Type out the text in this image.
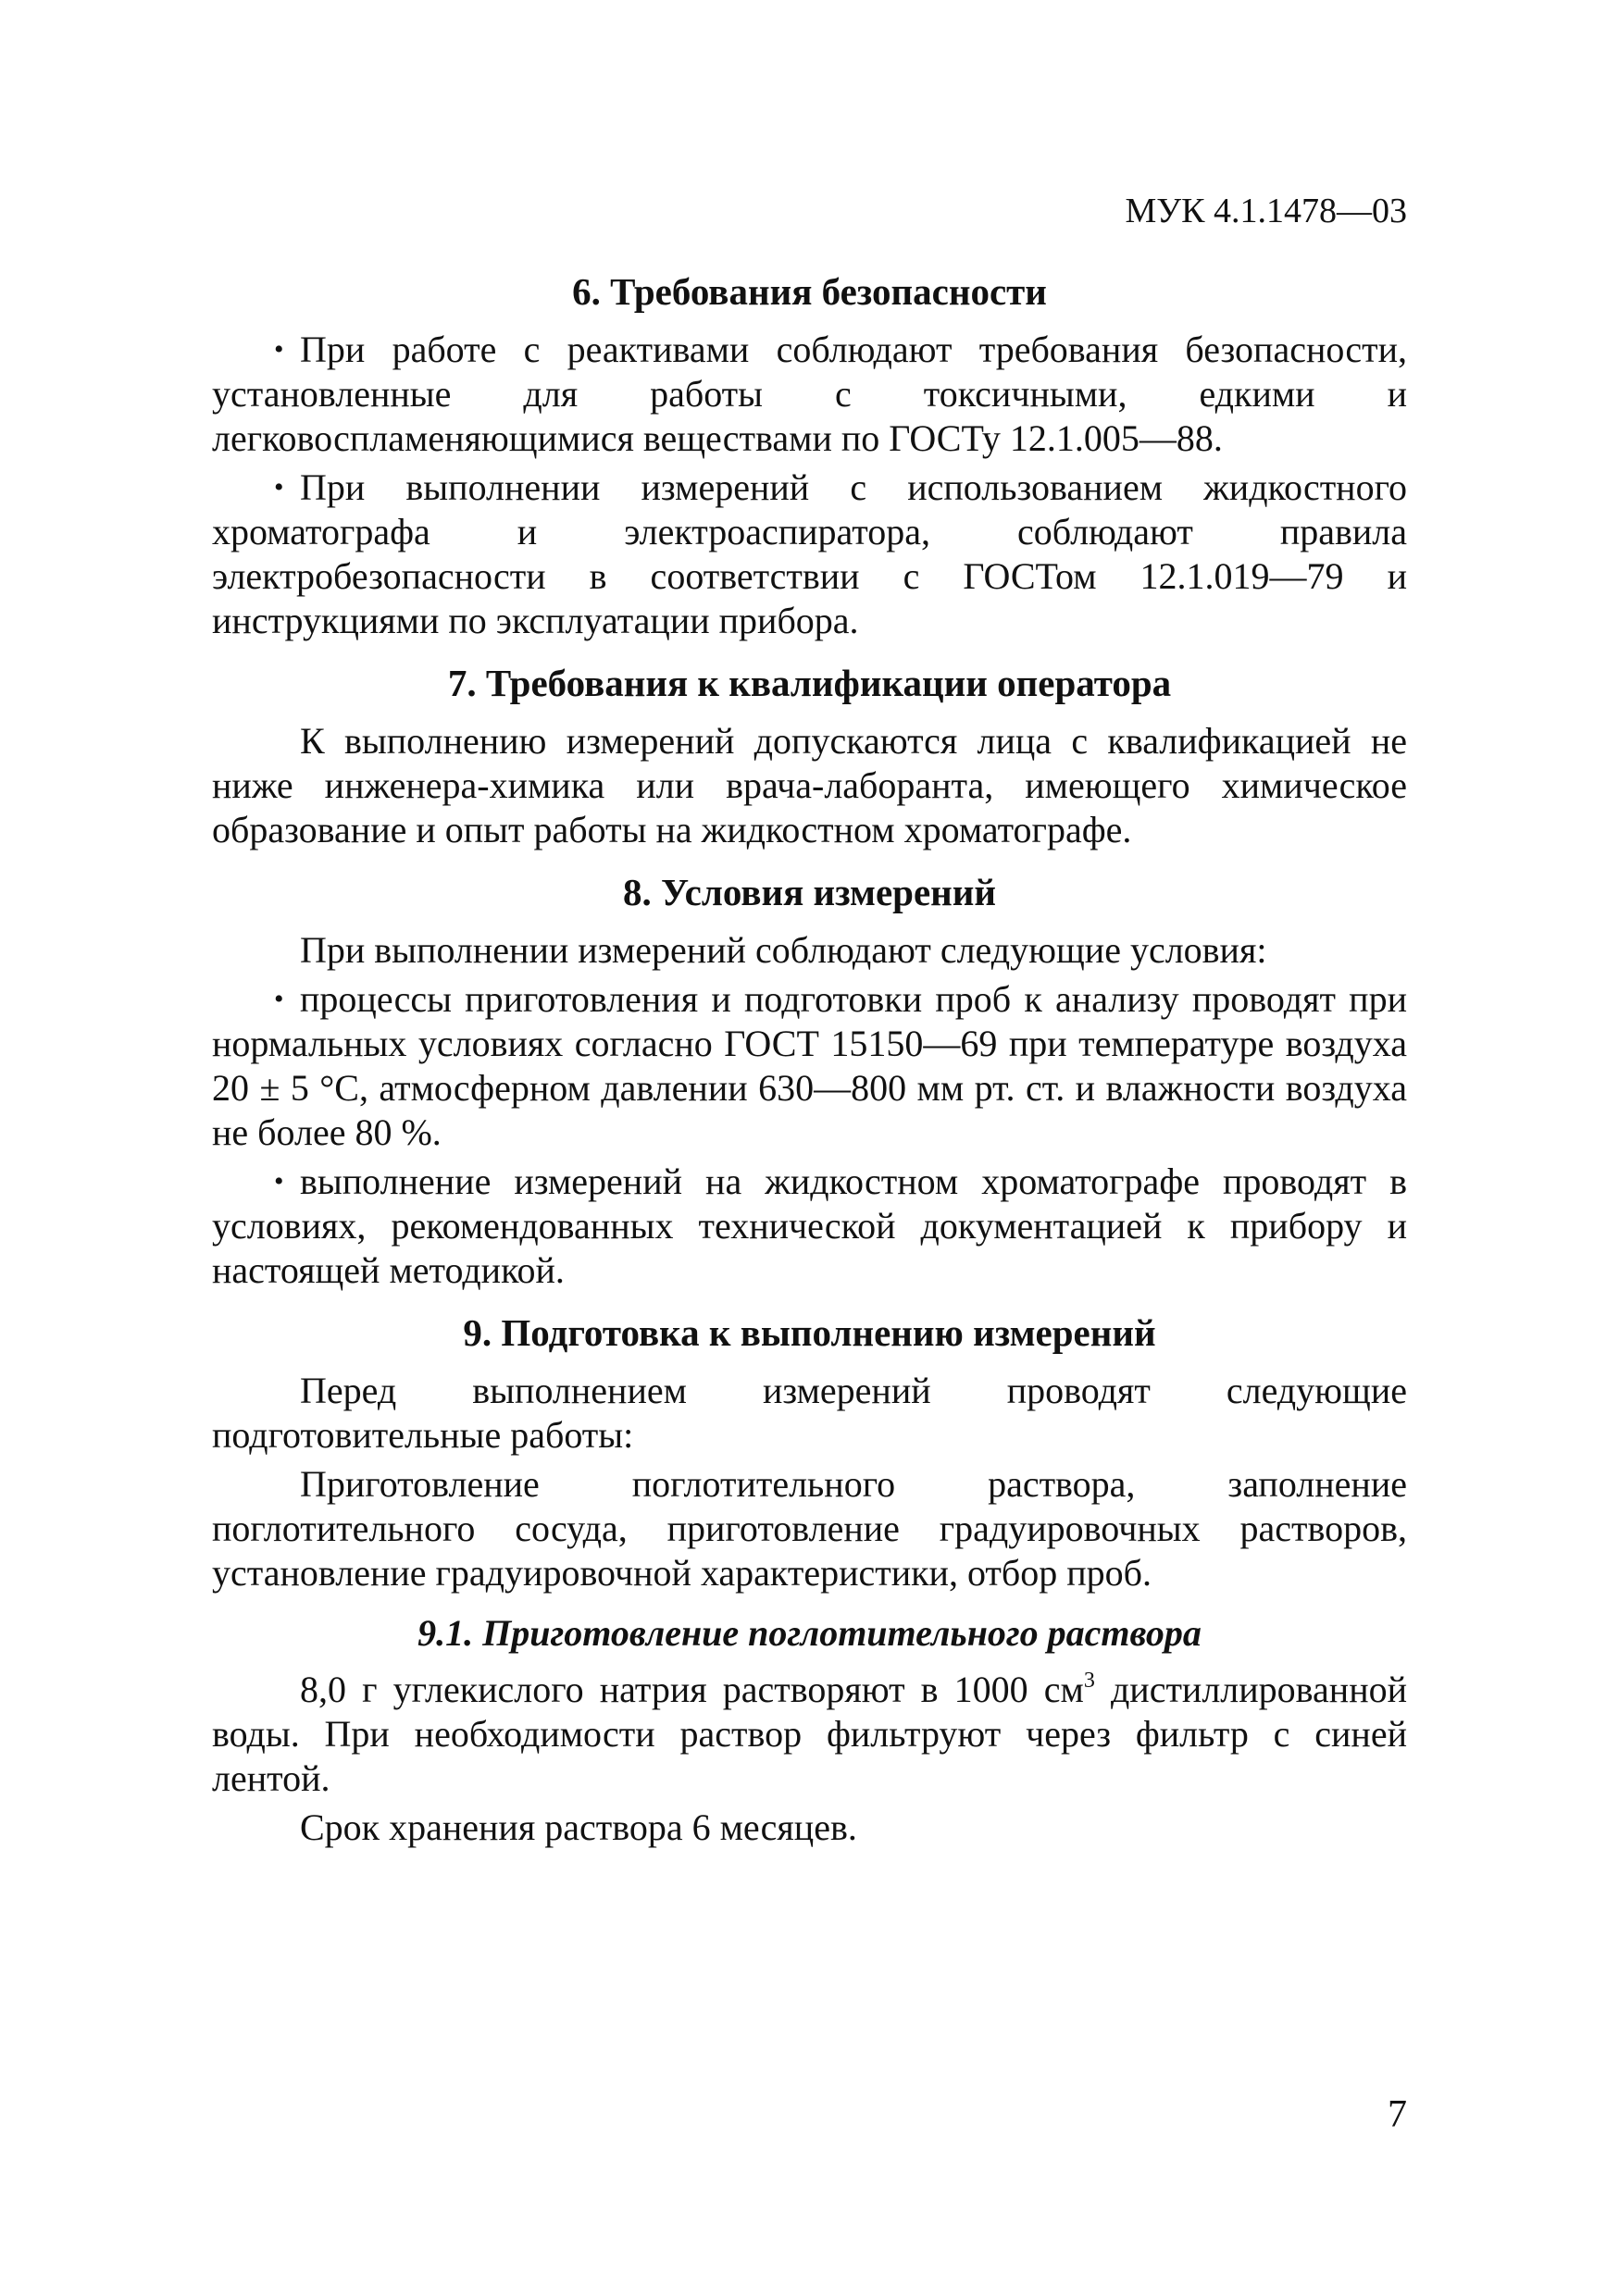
МУК 4.1.1478—03
6. Требования безопасности

• При работе с реактивами соблюдают требования безопасности, установленные для работы с токсичными, едкими и легковоспламеняющимися веществами по ГОСТу 12.1.005—88.

• При выполнении измерений с использованием жидкостного хроматографа и электроаспиратора, соблюдают правила электробезопасности в соответствии с ГОСТом 12.1.019—79 и инструкциями по эксплуатации прибора.

7. Требования к квалификации оператора

К выполнению измерений допускаются лица с квалификацией не ниже инженера-химика или врача-лаборанта, имеющего химическое образование и опыт работы на жидкостном хроматографе.

8. Условия измерений

При выполнении измерений соблюдают следующие условия:

• процессы приготовления и подготовки проб к анализу проводят при нормальных условиях согласно ГОСТ 15150—69 при температуре воздуха 20 ± 5 °С, атмосферном давлении 630—800 мм рт. ст. и влажности воздуха не более 80 %.

• выполнение измерений на жидкостном хроматографе проводят в условиях, рекомендованных технической документацией к прибору и настоящей методикой.

9. Подготовка к выполнению измерений

Перед выполнением измерений проводят следующие подготовительные работы:

Приготовление поглотительного раствора, заполнение поглотительного сосуда, приготовление градуировочных растворов, установление градуировочной характеристики, отбор проб.

9.1. Приготовление поглотительного раствора

8,0 г углекислого натрия растворяют в 1000 $см^3$ дистиллированной воды. При необходимости раствор фильтруют через фильтр с синей лентой.

Срок хранения раствора 6 месяцев.

7
